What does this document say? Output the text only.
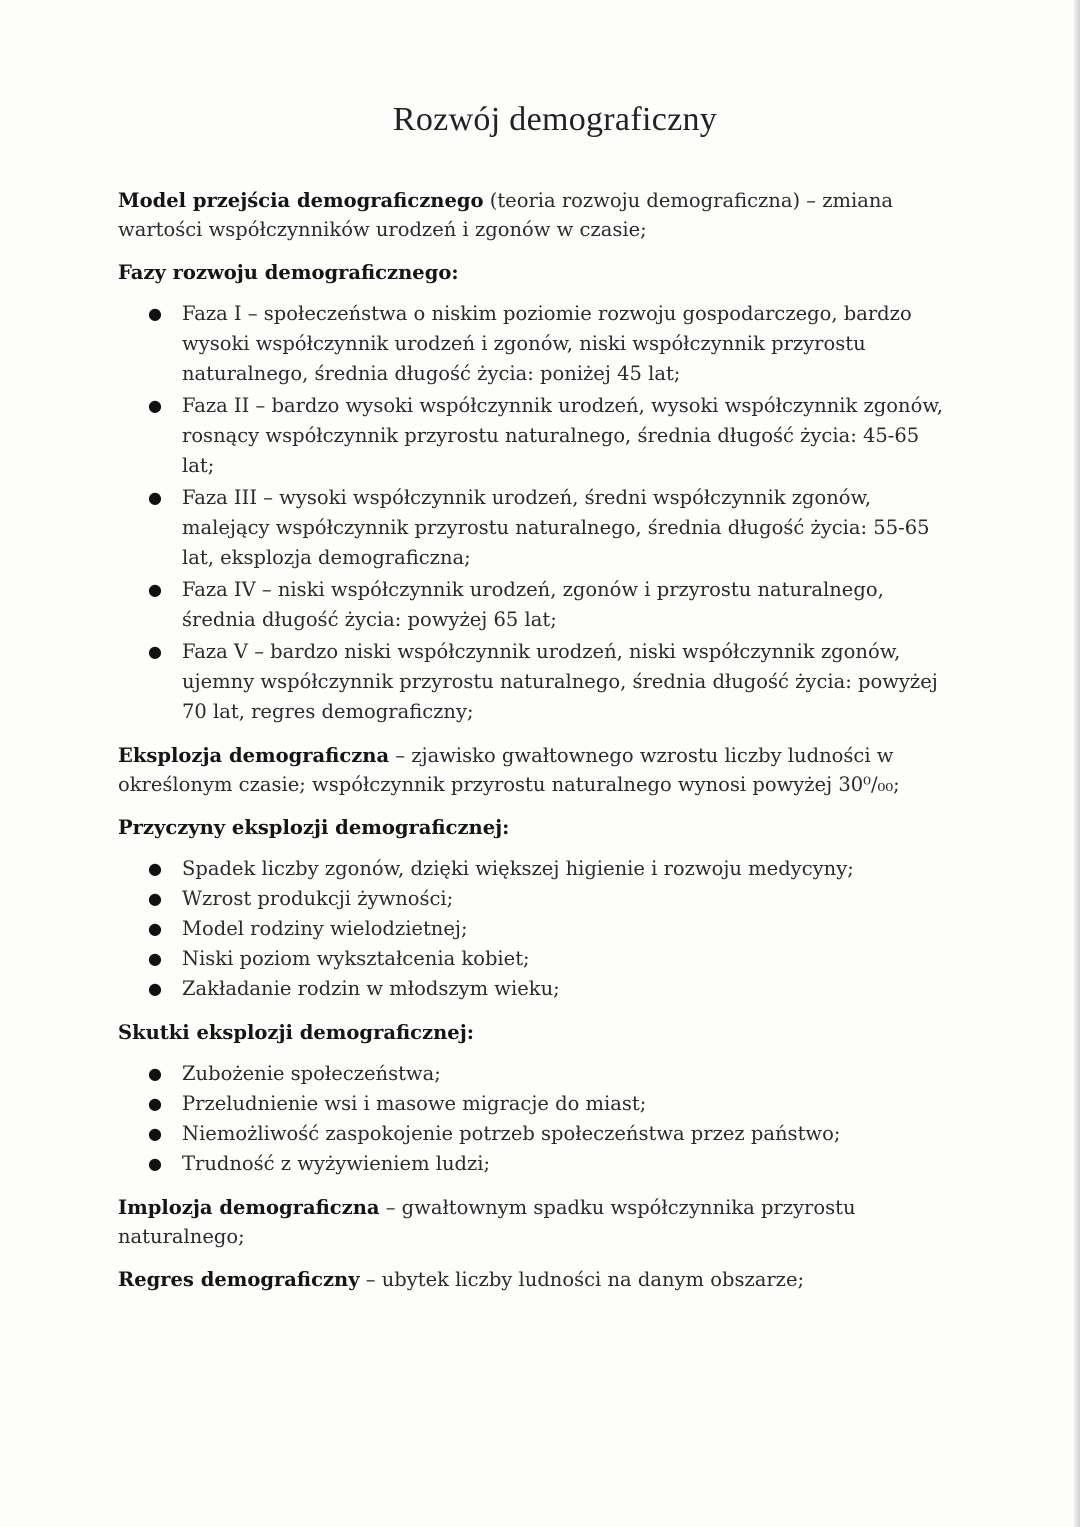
Rozwój demograficzny

Model przejścia demograficznego (teoria rozwoju demograficzna) – zmiana wartości współczynników urodzeń i zgonów w czasie;

Fazy rozwoju demograficznego:

● Faza I – społeczeństwa o niskim poziomie rozwoju gospodarczego, bardzo wysoki współczynnik urodzeń i zgonów, niski współczynnik przyrostu naturalnego, średnia długość życia: poniżej 45 lat;
● Faza II – bardzo wysoki współczynnik urodzeń, wysoki współczynnik zgonów, rosnący współczynnik przyrostu naturalnego, średnia długość życia: 45-65 lat;
● Faza III – wysoki współczynnik urodzeń, średni współczynnik zgonów, malejący współczynnik przyrostu naturalnego, średnia długość życia: 55-65 lat, eksplozja demograficzna;
● Faza IV – niski współczynnik urodzeń, zgonów i przyrostu naturalnego, średnia długość życia: powyżej 65 lat;
● Faza V – bardzo niski współczynnik urodzeń, niski współczynnik zgonów, ujemny współczynnik przyrostu naturalnego, średnia długość życia: powyżej 70 lat, regres demograficzny;

Eksplozja demograficzna – zjawisko gwałtownego wzrostu liczby ludności w określonym czasie; współczynnik przyrostu naturalnego wynosi powyżej 30⁰/₀₀;

Przyczyny eksplozji demograficznej:

● Spadek liczby zgonów, dzięki większej higienie i rozwoju medycyny;
● Wzrost produkcji żywności;
● Model rodziny wielodzietnej;
● Niski poziom wykształcenia kobiet;
● Zakładanie rodzin w młodszym wieku;

Skutki eksplozji demograficznej:

● Zubożenie społeczeństwa;
● Przeludnienie wsi i masowe migracje do miast;
● Niemożliwość zaspokojenie potrzeb społeczeństwa przez państwo;
● Trudność z wyżywieniem ludzi;

Implozja demograficzna – gwałtownym spadku współczynnika przyrostu naturalnego;

Regres demograficzny – ubytek liczby ludności na danym obszarze;
